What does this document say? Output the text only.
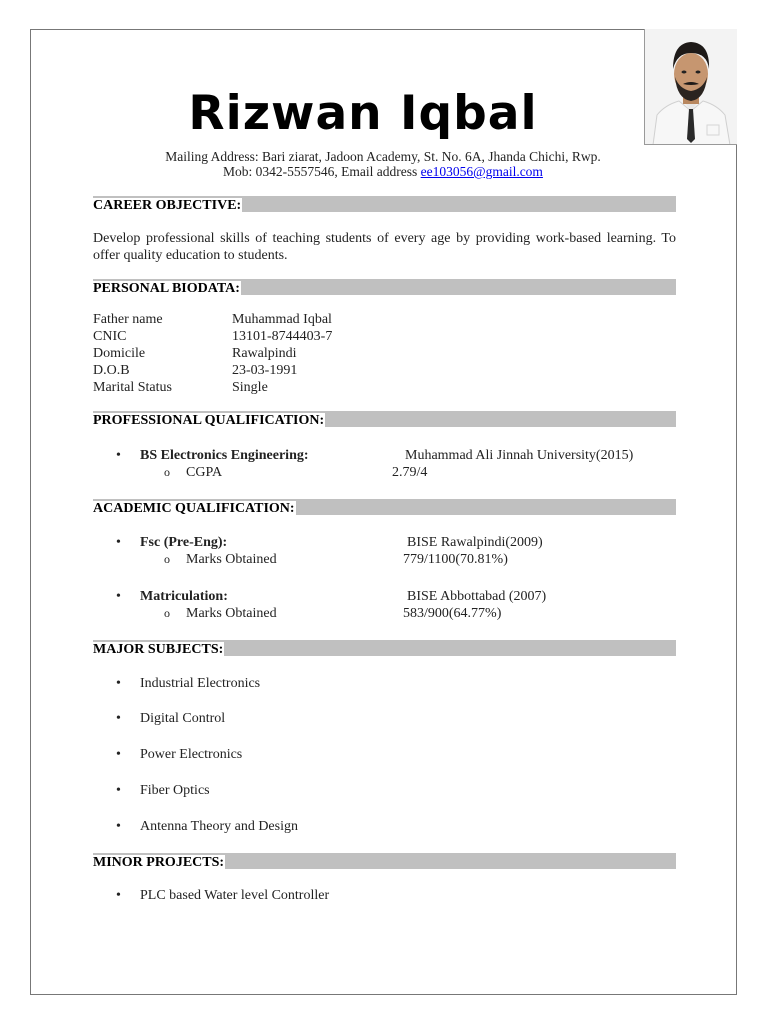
Rizwan Iqbal
Mailing Address: Bari ziarat, Jadoon Academy, St. No. 6A, Jhanda Chichi, Rwp.
Mob: 0342-5557546, Email address ee103056@gmail.com
CAREER OBJECTIVE:
Develop professional skills of teaching students of every age by providing work-based learning. To offer quality education to students.
PERSONAL BIODATA:
Father name	Muhammad Iqbal
CNIC	13101-8744403-7
Domicile	Rawalpindi
D.O.B	23-03-1991
Marital Status	Single
PROFESSIONAL QUALIFICATION:
• BS Electronics Engineering:	Muhammad Ali Jinnah University(2015)
o CGPA	2.79/4
ACADEMIC QUALIFICATION:
• Fsc (Pre-Eng):	BISE Rawalpindi(2009)
o Marks Obtained	779/1100(70.81%)
• Matriculation:	BISE Abbottabad (2007)
o Marks Obtained	583/900(64.77%)
MAJOR SUBJECTS:
• Industrial Electronics
• Digital Control
• Power Electronics
• Fiber Optics
• Antenna Theory and Design
MINOR PROJECTS:
• PLC based Water level Controller
